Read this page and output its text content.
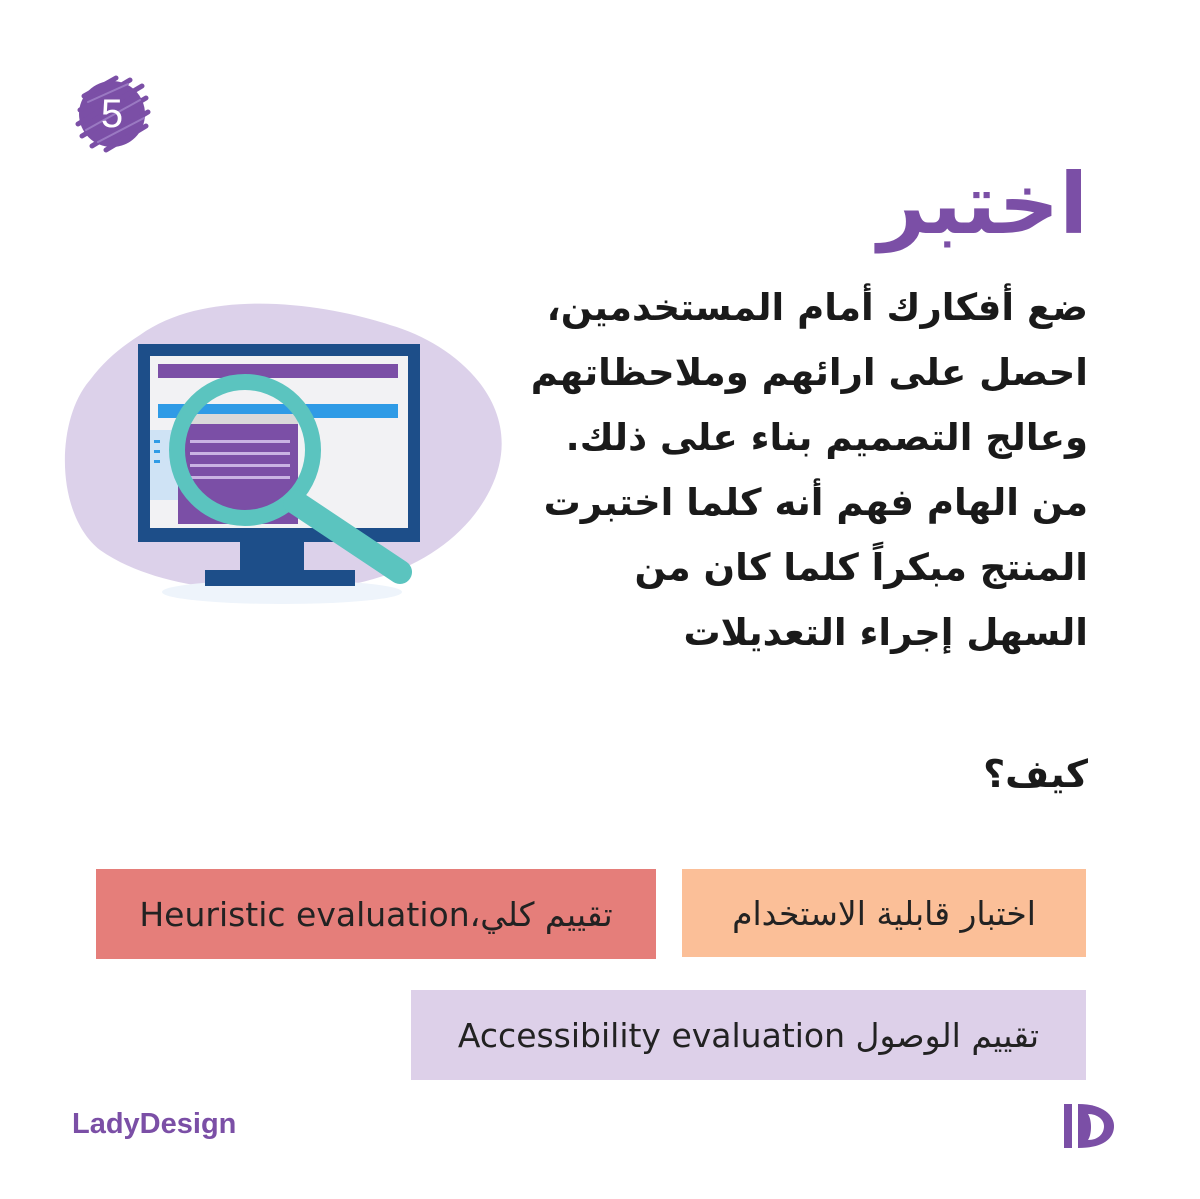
5
اختبر
ضع أفكارك أمام المستخدمين،
احصل على ارائهم وملاحظاتهم
وعالج التصميم بناء على ذلك.
من الهام فهم أنه كلما اختبرت
المنتج مبكراً كلما كان من
السهل إجراء التعديلات
كيف؟
اختبار قابلية الاستخدام
تقييم كلي،Heuristic evaluation
تقييم الوصول Accessibility evaluation
LadyDesign
